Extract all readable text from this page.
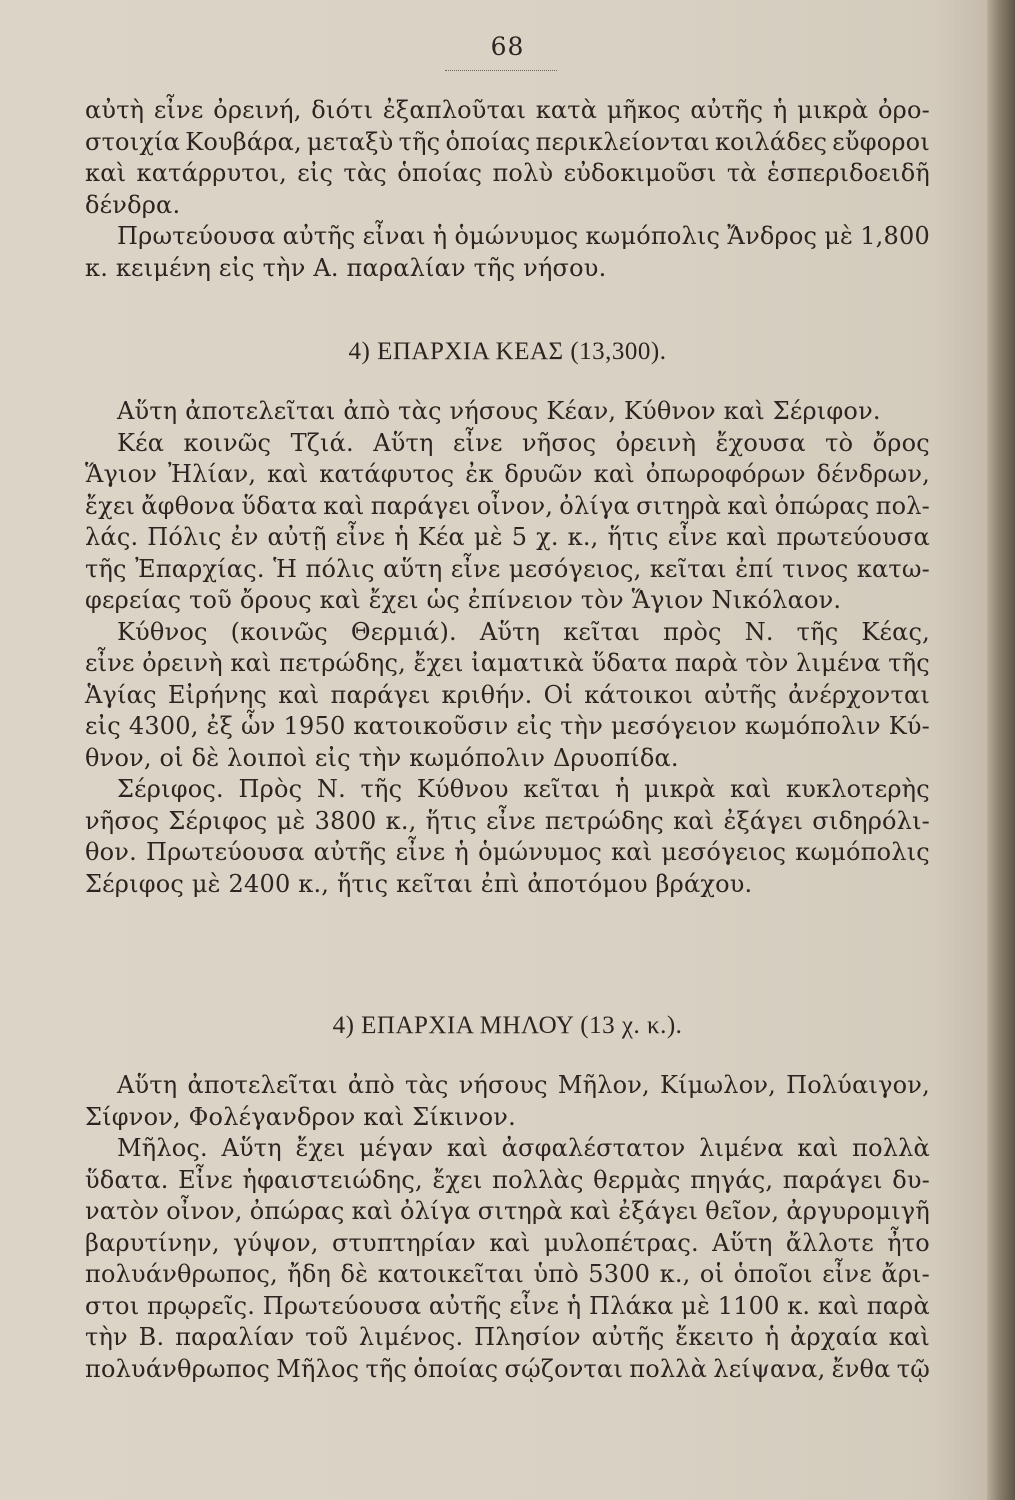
68
αὐτὴ εἶνε ὀρεινή, διότι ἐξαπλοῦται κατὰ μῆκος αὐτῆς ἡ μικρὰ ὀρο-
στοιχία Κουβάρα, μεταξὺ τῆς ὁποίας περικλείονται κοιλάδες εὔφοροι
καὶ κατάρρυτοι, εἰς τὰς ὁποίας πολὺ εὐδοκιμοῦσι τὰ ἑσπεριδοειδῆ
δένδρα.
Πρωτεύουσα αὐτῆς εἶναι ἡ ὁμώνυμος κωμόπολις Ἄνδρος μὲ 1,800
κ. κειμένη εἰς τὴν Α. παραλίαν τῆς νήσου.
4) ΕΠΑΡΧΙΑ ΚΕΑΣ (13,300).
Αὕτη ἀποτελεῖται ἀπὸ τὰς νήσους Κέαν, Κύθνον καὶ Σέριφον.
Κέα κοινῶς Τζιά. Αὕτη εἶνε νῆσος ὀρεινὴ ἔχουσα τὸ ὄρος
Ἅγιον Ἠλίαν, καὶ κατάφυτος ἐκ δρυῶν καὶ ὀπωροφόρων δένδρων,
ἔχει ἄφθονα ὕδατα καὶ παράγει οἶνον, ὀλίγα σιτηρὰ καὶ ὀπώρας πολ-
λάς. Πόλις ἐν αὐτῇ εἶνε ἡ Κέα μὲ 5 χ. κ., ἥτις εἶνε καὶ πρωτεύουσα
τῆς Ἐπαρχίας. Ἡ πόλις αὕτη εἶνε μεσόγειος, κεῖται ἐπί τινος κατω-
φερείας τοῦ ὄρους καὶ ἔχει ὡς ἐπίνειον τὸν Ἅγιον Νικόλαον.
Κύθνος (κοινῶς Θερμιά). Αὕτη κεῖται πρὸς Ν. τῆς Κέας,
εἶνε ὀρεινὴ καὶ πετρώδης, ἔχει ἰαματικὰ ὕδατα παρὰ τὸν λιμένα τῆς
Ἁγίας Εἰρήνης καὶ παράγει κριθήν. Οἱ κάτοικοι αὐτῆς ἀνέρχονται
εἰς 4300, ἐξ ὧν 1950 κατοικοῦσιν εἰς τὴν μεσόγειον κωμόπολιν Κύ-
θνον, οἱ δὲ λοιποὶ εἰς τὴν κωμόπολιν Δρυοπίδα.
Σέριφος. Πρὸς Ν. τῆς Κύθνου κεῖται ἡ μικρὰ καὶ κυκλοτερὴς
νῆσος Σέριφος μὲ 3800 κ., ἥτις εἶνε πετρώδης καὶ ἐξάγει σιδηρόλι-
θον. Πρωτεύουσα αὐτῆς εἶνε ἡ ὁμώνυμος καὶ μεσόγειος κωμόπολις
Σέριφος μὲ 2400 κ., ἥτις κεῖται ἐπὶ ἀποτόμου βράχου.
4) ΕΠΑΡΧΙΑ ΜΗΛΟΥ (13 χ. κ.).
Αὕτη ἀποτελεῖται ἀπὸ τὰς νήσους Μῆλον, Κίμωλον, Πολύαιγον,
Σίφνον, Φολέγανδρον καὶ Σίκινον.
Μῆλος. Αὕτη ἔχει μέγαν καὶ ἀσφαλέστατον λιμένα καὶ πολλὰ
ὕδατα. Εἶνε ἡφαιστειώδης, ἔχει πολλὰς θερμὰς πηγάς, παράγει δυ-
νατὸν οἶνον, ὀπώρας καὶ ὀλίγα σιτηρὰ καὶ ἐξάγει θεῖον, ἀργυρομιγῆ
βαρυτίνην, γύψον, στυπτηρίαν καὶ μυλοπέτρας. Αὕτη ἄλλοτε ἦτο
πολυάνθρωπος, ἤδη δὲ κατοικεῖται ὑπὸ 5300 κ., οἱ ὁποῖοι εἶνε ἄρι-
στοι πρῳρεῖς. Πρωτεύουσα αὐτῆς εἶνε ἡ Πλάκα μὲ 1100 κ. καὶ παρὰ
τὴν Β. παραλίαν τοῦ λιμένος. Πλησίον αὐτῆς ἔκειτο ἡ ἀρχαία καὶ
πολυάνθρωπος Μῆλος τῆς ὁποίας σῴζονται πολλὰ λείψανα, ἔνθα τῷ
